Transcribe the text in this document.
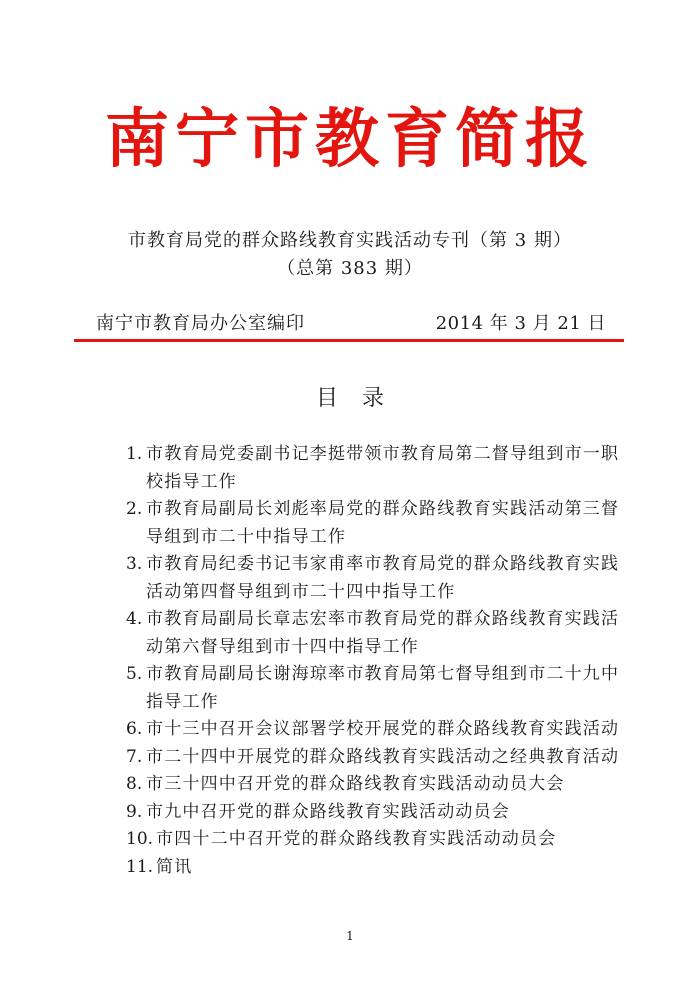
南宁市教育简报
市教育局党的群众路线教育实践活动专刊（第 3 期）
（总第 383 期）
南宁市教育局办公室编印	2014 年 3 月 21 日
目 录
1. 市教育局党委副书记李挺带领市教育局第二督导组到市一职校指导工作
2. 市教育局副局长刘彪率局党的群众路线教育实践活动第三督导组到市二十中指导工作
3. 市教育局纪委书记韦家甫率市教育局党的群众路线教育实践活动第四督导组到市二十四中指导工作
4. 市教育局副局长章志宏率市教育局党的群众路线教育实践活动第六督导组到市十四中指导工作
5. 市教育局副局长谢海琼率市教育局第七督导组到市二十九中指导工作
6. 市十三中召开会议部署学校开展党的群众路线教育实践活动
7. 市二十四中开展党的群众路线教育实践活动之经典教育活动
8. 市三十四中召开党的群众路线教育实践活动动员大会
9. 市九中召开党的群众路线教育实践活动动员会
10. 市四十二中召开党的群众路线教育实践活动动员会
11. 简讯
1
